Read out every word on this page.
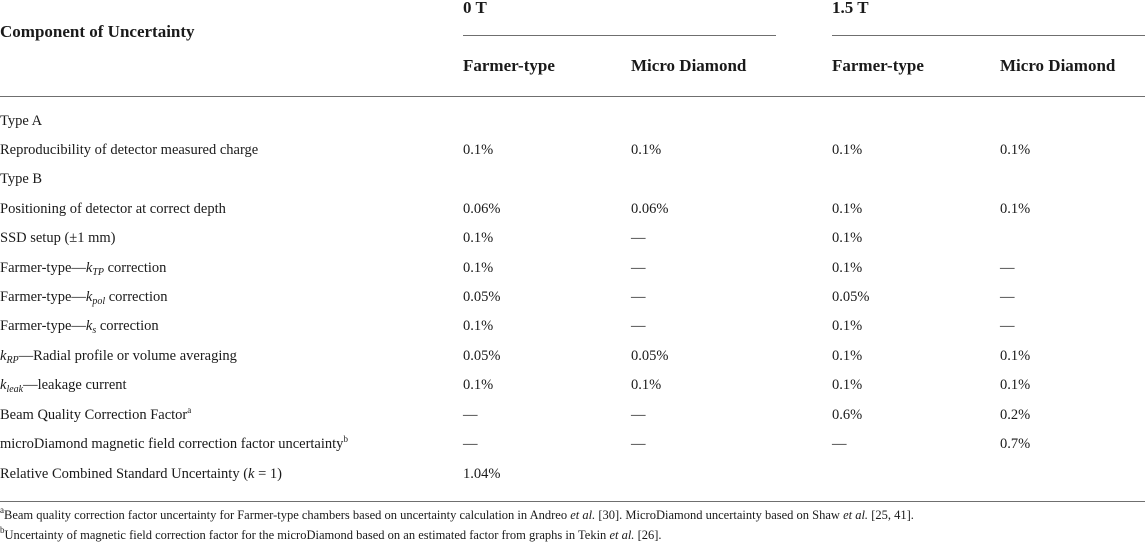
Component of Uncertainty
0 T	1.5 T
Farmer-type	Micro Diamond	Farmer-type	Micro Diamond
Type A
Reproducibility of detector measured charge	0.1%	0.1%	0.1%	0.1%
Type B
Positioning of detector at correct depth	0.06%	0.06%	0.1%	0.1%
SSD setup (±1 mm)	0.1%	—	0.1%
Farmer-$type—k_{TP}$ correction	0.1%	—	0.1%	—
Farmer-$type—k_{pol}$ correction	0.05%	—	0.05%	—
Farmer-$type—k_s$ correction	0.1%	—	0.1%	—
$k_{RP}—Radial$ profile or volume averaging	0.05%	0.05%	0.1%	0.1%
$k_{leak}—leakage$ current	0.1%	0.1%	0.1%	0.1%
Beam Quality Correction Factor$^a$	—	—	0.6%	0.2%
microDiamond magnetic field correction factor uncertainty$^b$	—	—	—	0.7%
Relative Combined Standard Uncertainty (k = 1)	1.04%
$^a$Beam quality correction factor uncertainty for Farmer-type chambers based on uncertainty calculation in Andreo et al. [30]. MicroDiamond uncertainty based on Shaw et al. [25, 41].
$^b$Uncertainty of magnetic field correction factor for the microDiamond based on an estimated factor from graphs in Tekin et al. [26].
